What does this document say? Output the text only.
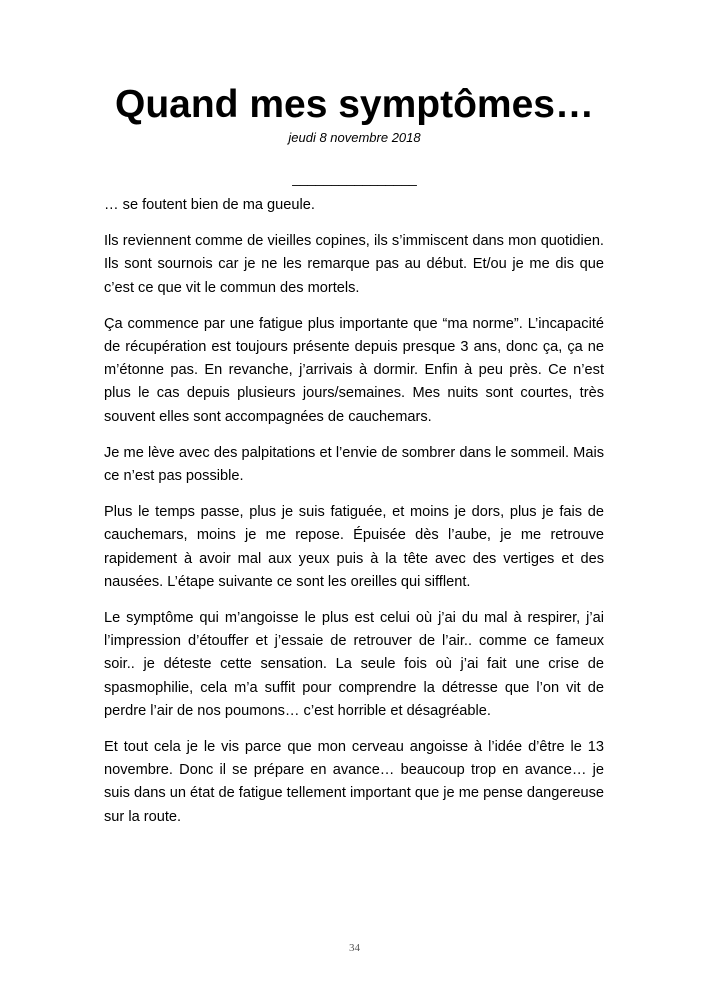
Quand mes symptômes…
jeudi 8 novembre 2018
________________

… se foutent bien de ma gueule.

Ils reviennent comme de vieilles copines, ils s’immiscent dans mon quotidien. Ils sont sournois car je ne les remarque pas au début. Et/ou je me dis que c’est ce que vit le commun des mortels.

Ça commence par une fatigue plus importante que “ma norme”. L’incapacité de récupération est toujours présente depuis presque 3 ans, donc ça, ça ne m’étonne pas. En revanche, j’arrivais à dormir. Enfin à peu près. Ce n’est plus le cas depuis plusieurs jours/semaines. Mes nuits sont courtes, très souvent elles sont accompagnées de cauchemars.

Je me lève avec des palpitations et l’envie de sombrer dans le sommeil. Mais ce n’est pas possible.

Plus le temps passe, plus je suis fatiguée, et moins je dors, plus je fais de cauchemars, moins je me repose. Épuisée dès l’aube, je me retrouve rapidement à avoir mal aux yeux puis à la tête avec des vertiges et des nausées. L’étape suivante ce sont les oreilles qui sifflent.

Le symptôme qui m’angoisse le plus est celui où j’ai du mal à respirer, j’ai l’impression d’étouffer et j’essaie de retrouver de l’air.. comme ce fameux soir.. je déteste cette sensation. La seule fois où j’ai fait une crise de spasmophilie, cela m’a suffit pour comprendre la détresse que l’on vit de perdre l’air de nos poumons… c’est horrible et désagréable.

Et tout cela je le vis parce que mon cerveau angoisse à l’idée d’être le 13 novembre. Donc il se prépare en avance… beaucoup trop en avance… je suis dans un état de fatigue tellement important que je me pense dangereuse sur la route.

34
